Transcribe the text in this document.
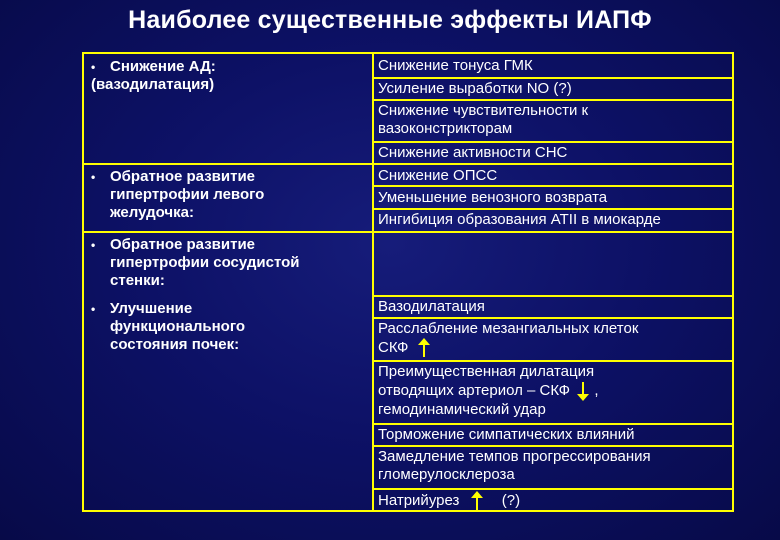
Наиболее существенные эффекты ИАПФ
• Снижение АД:
(вазодилатация)
• Обратное развитие
гипертрофии левого
желудочка:
• Обратное развитие
гипертрофии сосудистой
стенки:
• Улучшение
функционального
состояния почек:
Снижение тонуса ГМК
Усиление выработки NO (?)
Снижение чувствительности к
вазоконстрикторам
Снижение активности СНС
Снижение ОПСС
Уменьшение венозного возврата
Ингибиция образования ATII в миокарде
Вазодилатация
Расслабление мезангиальных клеток
СКФ
Преимущественная дилатация
отводящих артериол – СКФ ,
гемодинамический удар
Торможение симпатических влияний
Замедление темпов прогрессирования
гломерулосклероза
Натрийурез	(?)
